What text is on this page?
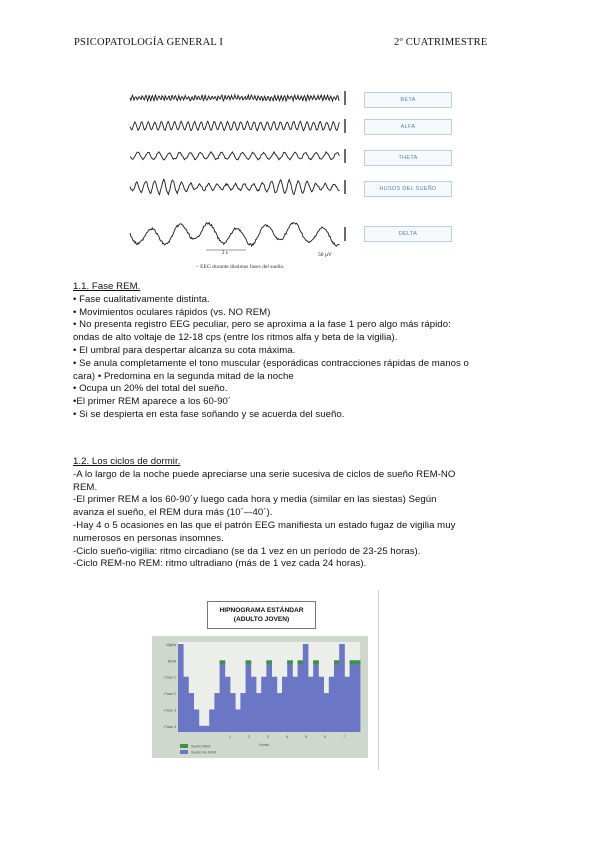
PSICOPATOLOGÍA GENERAL I	2º CUATRIMESTRE
BETA
ALFA
THETA
HUSOS DEL SUEÑO
DELTA
2 s	50 µV
– EEG durante distintas fases del sueño.

1.1. Fase REM.

• Fase cualitativamente distinta.

• Movimientos oculares rápidos (vs. NO REM)

• No presenta registro EEG peculiar, pero se aproxima a la fase 1 pero algo más rápido:

ondas de alto voltaje de 12-18 cps (entre los ritmos alfa y beta de la vigilia).

• El umbral para despertar alcanza su cota máxima.

• Se anula completamente el tono muscular (esporádicas contracciones rápidas de manos o

cara) • Predomina en la segunda mitad de la noche

• Ocupa un 20% del total del sueño.

•El primer REM aparece a los 60-90´

• Si se despierta en esta fase soñando y se acuerda del sueño.

1.2. Los ciclos de dormir.

-A lo largo de la noche puede apreciarse una serie sucesiva de ciclos de sueño REM-NO

REM.

-El primer REM a los 60-90´y luego cada hora y media (similar en las siestas) Según

avanza el sueño, el REM dura más (10´–-40´).

-Hay 4 o 5 ocasiones en las que el patrón EEG manifiesta un estado fugaz de vigilia muy

numerosos en personas insomnes.

-Ciclo sueño-vigilia: ritmo circadiano (se da 1 vez en un período de 23-25 horas).

-Ciclo REM-no REM: ritmo ultradiano (más de 1 vez cada 24 horas).

HIPNOGRAMA ESTÁNDAR
(ADULTO JOVEN)
Vigilia
REM
Fase 1
Fase 2
Fase 3
Fase 4
1	2	3	4	5	6	7
Horas
Sueño REM
Sueño No REM
